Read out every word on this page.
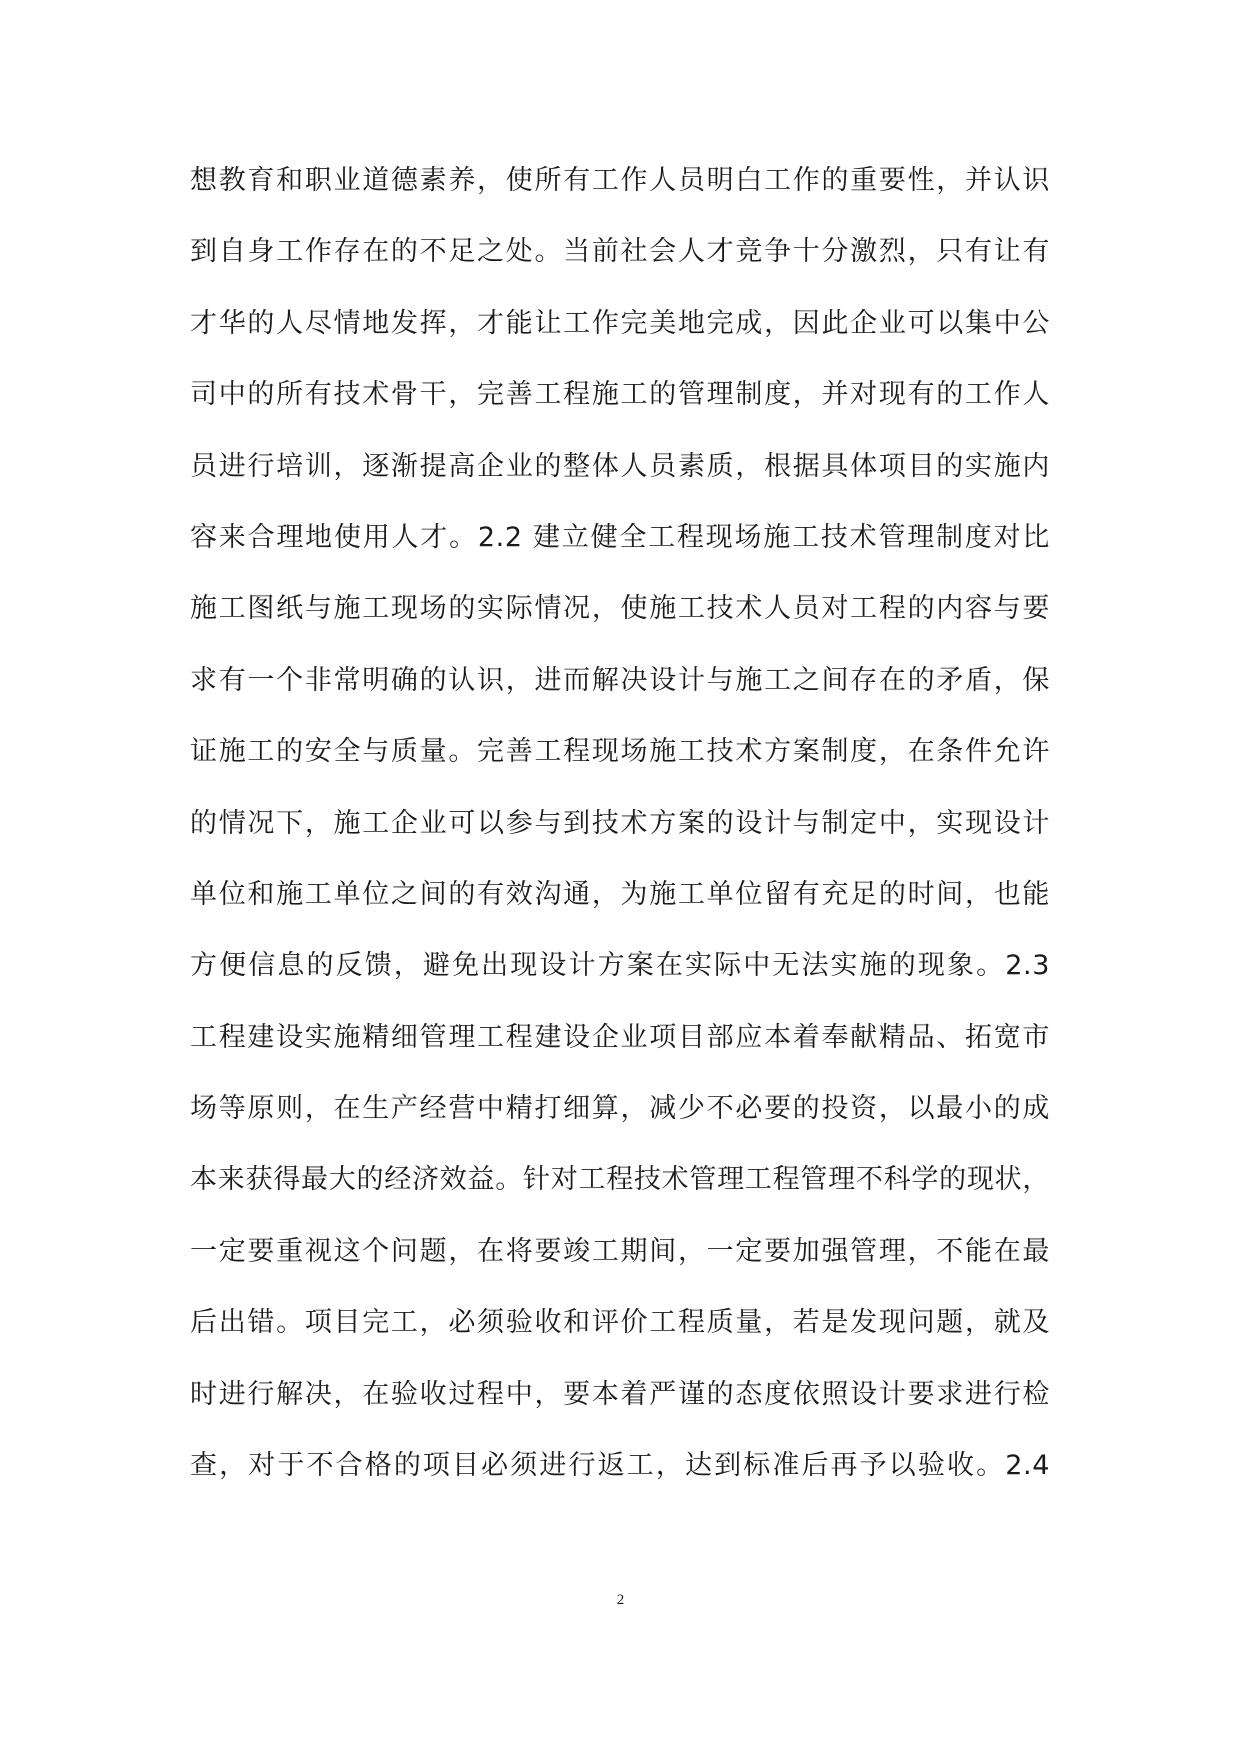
想教育和职业道德素养，使所有工作人员明白工作的重要性，并认识
到自身工作存在的不足之处。当前社会人才竞争十分激烈，只有让有
才华的人尽情地发挥，才能让工作完美地完成，因此企业可以集中公
司中的所有技术骨干，完善工程施工的管理制度，并对现有的工作人
员进行培训，逐渐提高企业的整体人员素质，根据具体项目的实施内
容来合理地使用人才。2.2 建立健全工程现场施工技术管理制度对比
施工图纸与施工现场的实际情况，使施工技术人员对工程的内容与要
求有一个非常明确的认识，进而解决设计与施工之间存在的矛盾，保
证施工的安全与质量。完善工程现场施工技术方案制度，在条件允许
的情况下，施工企业可以参与到技术方案的设计与制定中，实现设计
单位和施工单位之间的有效沟通，为施工单位留有充足的时间，也能
方便信息的反馈，避免出现设计方案在实际中无法实施的现象。2.3
工程建设实施精细管理工程建设企业项目部应本着奉献精品、拓宽市
场等原则，在生产经营中精打细算，减少不必要的投资，以最小的成
本来获得最大的经济效益。针对工程技术管理工程管理不科学的现状，
一定要重视这个问题，在将要竣工期间，一定要加强管理，不能在最
后出错。项目完工，必须验收和评价工程质量，若是发现问题，就及
时进行解决，在验收过程中，要本着严谨的态度依照设计要求进行检
查，对于不合格的项目必须进行返工，达到标准后再予以验收。2.4
2
